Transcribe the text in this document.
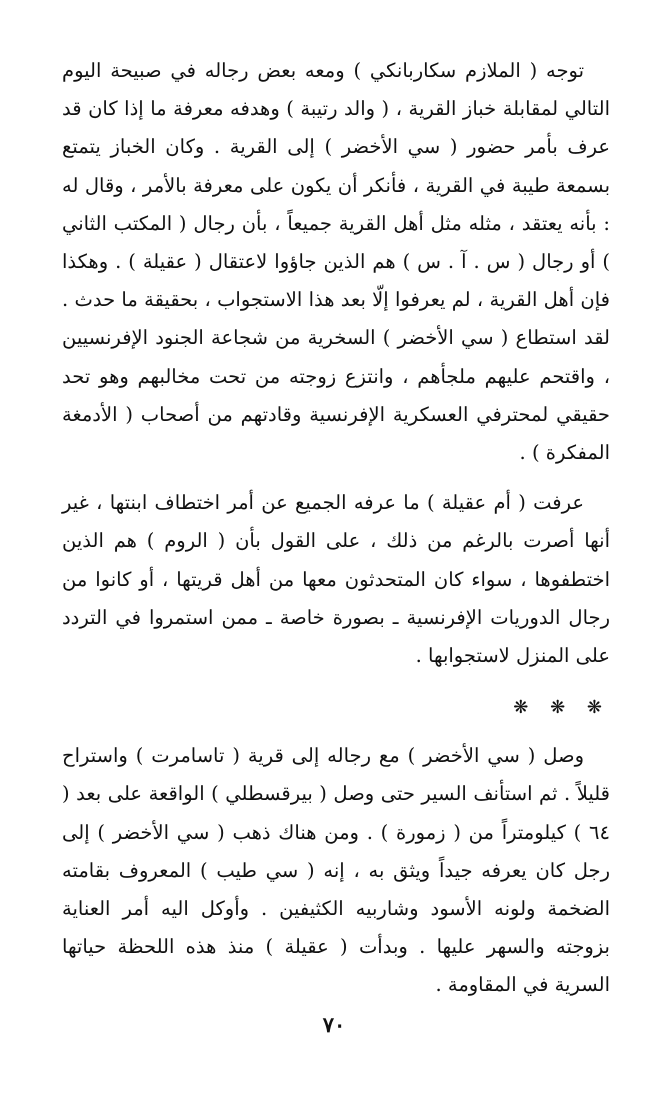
توجه ( الملازم سكاربانكي ) ومعه بعض رجاله في صبيحة اليوم التالي لمقابلة خباز القرية ، ( والد رتيبة ) وهدفه معرفة ما إذا كان قد عرف بأمر حضور ( سي الأخضر ) إلى القرية . وكان الخباز يتمتع بسمعة طيبة في القرية ، فأنكر أن يكون على معرفة بالأمر ، وقال له : بأنه يعتقد ، مثله مثل أهل القرية جميعاً ، بأن رجال ( المكتب الثاني ) أو رجال ( س . آ . س ) هم الذين جاؤوا لاعتقال ( عقيلة ) . وهكذا فإن أهل القرية ، لم يعرفوا إلّا بعد هذا الاستجواب ، بحقيقة ما حدث . لقد استطاع ( سي الأخضر ) السخرية من شجاعة الجنود الإفرنسيين ، واقتحم عليهم ملجأهم ، وانتزع زوجته من تحت مخالبهم وهو تحد حقيقي لمحترفي العسكرية الإفرنسية وقادتهم من أصحاب ( الأدمغة المفكرة ) .

عرفت ( أم عقيلة ) ما عرفه الجميع عن أمر اختطاف ابنتها ، غير أنها أصرت بالرغم من ذلك ، على القول بأن ( الروم ) هم الذين اختطفوها ، سواء كان المتحدثون معها من أهل قريتها ، أو كانوا من رجال الدوريات الإفرنسية ـ بصورة خاصة ـ ممن استمروا في التردد على المنزل لاستجوابها .

❋ ❋ ❋

وصل ( سي الأخضر ) مع رجاله إلى قرية ( تاسامرت ) واستراح قليلاً . ثم استأنف السير حتى وصل ( بيرقسطلي ) الواقعة على بعد ( ٦٤ ) كيلومتراً من ( زمورة ) . ومن هناك ذهب ( سي الأخضر ) إلى رجل كان يعرفه جيداً ويثق به ، إنه ( سي طيب ) المعروف بقامته الضخمة ولونه الأسود وشاربيه الكثيفين . وأوكل اليه أمر العناية بزوجته والسهر عليها . وبدأت ( عقيلة ) منذ هذه اللحظة حياتها السرية في المقاومة .

٧٠
